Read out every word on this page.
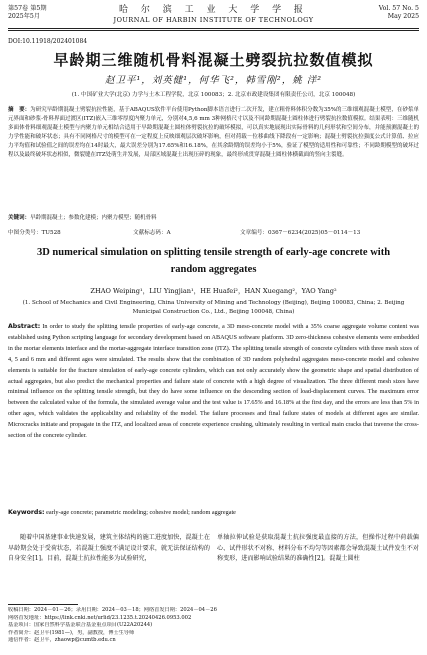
第57卷 第5期
2025年5月
哈 尔 滨 工 业 大 学 学 报
JOURNAL OF HARBIN INSTITUTE OF TECHNOLOGY
Vol. 57 No. 5
May 2025
DOI:10.11918/202401084
早龄期三维随机骨料混凝土劈裂抗拉数值模拟
赵卫平¹，刘英健¹，何华飞²，韩雪刚²，姚 洋²
(1. 中国矿业大学(北京) 力学与土木工程学院，北京 100083；2. 北京市政建设集团有限责任公司，北京 100048)
摘　要：为研究早龄期混凝土劈裂抗拉性能，基于ABAQUS软件平台使用Python脚本语言进行二次开发，建立粗骨料体积分数为35%的三维细观混凝土模型，在砂浆单元界面和砂浆-骨料界面过渡区(ITZ)嵌入三维零厚度内聚力单元，分别对4,5,6 mm 3种网格尺寸以及不同龄期混凝土圆柱体进行劈裂抗拉数值模拟。结果表明：三维随机多面体骨料细观混凝土模型与内聚力单元相结合适用于早龄期混凝土圆柱体劈裂抗拉的破坏模拟，可以真实地展现出实际骨料的几何形状和空间分布，并能预测混凝土的力学性能和破坏状态；具有不同网格尺寸的模型可在一定程度上反映细观层次破坏影响，但对荷载－位移曲线下降段有一定影响；混凝土劈裂抗拉强度公式计算值、拉应力平均值和试验值之间的误差均在14时最大，最大误差分别为17.65%和16.18%，在其余龄期的误差均小于5%，验证了模型的适用性和可靠性；不同龄期模型的破坏过程以及最终破坏状态相似，微裂缝在ITZ处萌生并发展，局部区域混凝土出现压碎的现象，最终形成贯穿混凝土圆柱体横截面的竖向主裂缝。
关键词：早龄期混凝土；参数化建模；内聚力模型；随机骨料
中图分类号：TU528	文献标志码：A	文章编号：0367－6234(2025)05－0114－13
3D numerical simulation on splitting tensile strength of early-age concrete with random aggregates
ZHAO Weiping¹，LIU Yingjian¹，HE Huafei²，HAN Xuegang²，YAO Yang²
(1. School of Mechanics and Civil Engineering, China University of Mining and Technology (Beijing), Beijing 100083, China; 2. Beijing Municipal Construction Co., Ltd., Beijing 100048, China)
Abstract: In order to study the splitting tensile properties of early-age concrete, a 3D meso-concrete model with a 35% coarse aggregate volume content was established using Python scripting language for secondary development based on ABAQUS software platform. 3D zero-thickness cohesive elements were embedded in the mortar elements interface and the mortar-aggregate interface transition zone (ITZ). The splitting tensile strength of concrete cylinders with three mesh sizes of 4, 5 and 6 mm and different ages were simulated. The results show that the combination of 3D random polyhedral aggregates meso-concrete model and cohesive elements is suitable for the fracture simulation of early-age concrete cylinders, which can not only accurately show the geometric shape and spatial distribution of actual aggregates, but also predict the mechanical properties and failure state of concrete with a high degree of visualization. The three different mesh sizes have minimal influence on the splitting tensile strength, but they do have some influence on the descending section of load-displacement curves. The maximum error between the calculated value of the formula, the simulated average value and the test value is 17.65% and 16.18% at the first day, and the errors are less than 5% in other ages, which validates the applicability and reliability of the model. The failure processes and final failure states of models at different ages are similar. Microcracks initiate and propagate in the ITZ, and localized areas of concrete experience crushing, ultimately resulting in vertical main cracks that traverse the cross-section of the concrete cylinder.
Keywords: early-age concrete; parametric modeling; cohesive model; random aggregate
随着中国基建事业快速发展，建筑主体结构的施工进度加快，混凝土在早龄期会处于受荷状态，若混凝土强度不满足设计要求，就无法保证结构的自身安全[1]。目前，混凝土抗拉性能多为试验研究，
单轴拉伸试验是获取混凝土抗拉强度最直接的方法，但操作过程中荷载偏心、试件形状不对称、材料分布不均匀等因素都会导致混凝土试件发生不对称变形，进而影响试验结果的准确性[2]。混凝土圆柱
收稿日期：2024－01－26；录用日期：2024－03－18；网络首发日期：2024－04－26
网络首发地址：https://link.cnki.net/urlid/23.1235.t.20240426.0953.002
基金项目：国家自然科学基金联合基金重点项目(U22A20244)
作者简介：赵卫平(1981—)，男，副教授，博士生导师
通信作者：赵卫平，zhaowp@cumtb.edu.cn
